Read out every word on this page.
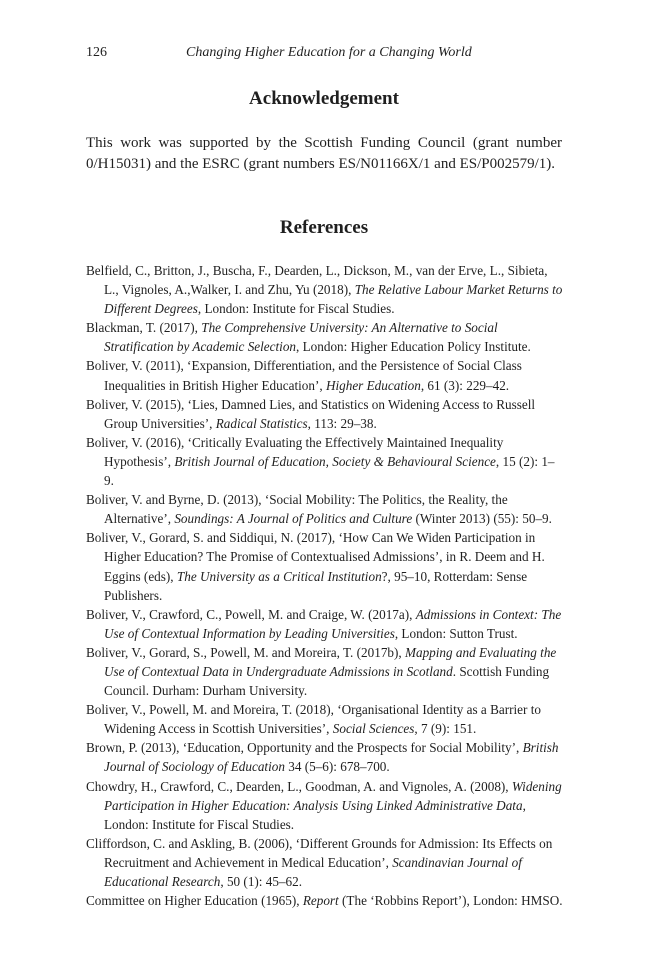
126	Changing Higher Education for a Changing World
Acknowledgement

This work was supported by the Scottish Funding Council (grant number 0/H15031) and the ESRC (grant numbers ES/N01166X/1 and ES/P002579/1).

References
Belfield, C., Britton, J., Buscha, F., Dearden, L., Dickson, M., van der Erve, L., Sibieta, L., Vignoles, A.,Walker, I. and Zhu, Yu (2018), The Relative Labour Market Returns to Different Degrees, London: Institute for Fiscal Studies.
Blackman, T. (2017), The Comprehensive University: An Alternative to Social Stratification by Academic Selection, London: Higher Education Policy Institute.
Boliver, V. (2011), ‘Expansion, Differentiation, and the Persistence of Social Class Inequalities in British Higher Education’, Higher Education, 61 (3): 229–42.
Boliver, V. (2015), ‘Lies, Damned Lies, and Statistics on Widening Access to Russell Group Universities’, Radical Statistics, 113: 29–38.
Boliver, V. (2016), ‘Critically Evaluating the Effectively Maintained Inequality Hypothesis’, British Journal of Education, Society & Behavioural Science, 15 (2): 1–9.
Boliver, V. and Byrne, D. (2013), ‘Social Mobility: The Politics, the Reality, the Alternative’, Soundings: A Journal of Politics and Culture (Winter 2013) (55): 50–9.
Boliver, V., Gorard, S. and Siddiqui, N. (2017), ‘How Can We Widen Participation in Higher Education? The Promise of Contextualised Admissions’, in R. Deem and H. Eggins (eds), The University as a Critical Institution?, 95–10, Rotterdam: Sense Publishers.
Boliver, V., Crawford, C., Powell, M. and Craige, W. (2017a), Admissions in Context: The Use of Contextual Information by Leading Universities, London: Sutton Trust.
Boliver, V., Gorard, S., Powell, M. and Moreira, T. (2017b), Mapping and Evaluating the Use of Contextual Data in Undergraduate Admissions in Scotland. Scottish Funding Council. Durham: Durham University.
Boliver, V., Powell, M. and Moreira, T. (2018), ‘Organisational Identity as a Barrier to Widening Access in Scottish Universities’, Social Sciences, 7 (9): 151.
Brown, P. (2013), ‘Education, Opportunity and the Prospects for Social Mobility’, British Journal of Sociology of Education 34 (5–6): 678–700.
Chowdry, H., Crawford, C., Dearden, L., Goodman, A. and Vignoles, A. (2008), Widening Participation in Higher Education: Analysis Using Linked Administrative Data, London: Institute for Fiscal Studies.
Cliffordson, C. and Askling, B. (2006), ‘Different Grounds for Admission: Its Effects on Recruitment and Achievement in Medical Education’, Scandinavian Journal of Educational Research, 50 (1): 45–62.
Committee on Higher Education (1965), Report (The ‘Robbins Report’), London: HMSO.
